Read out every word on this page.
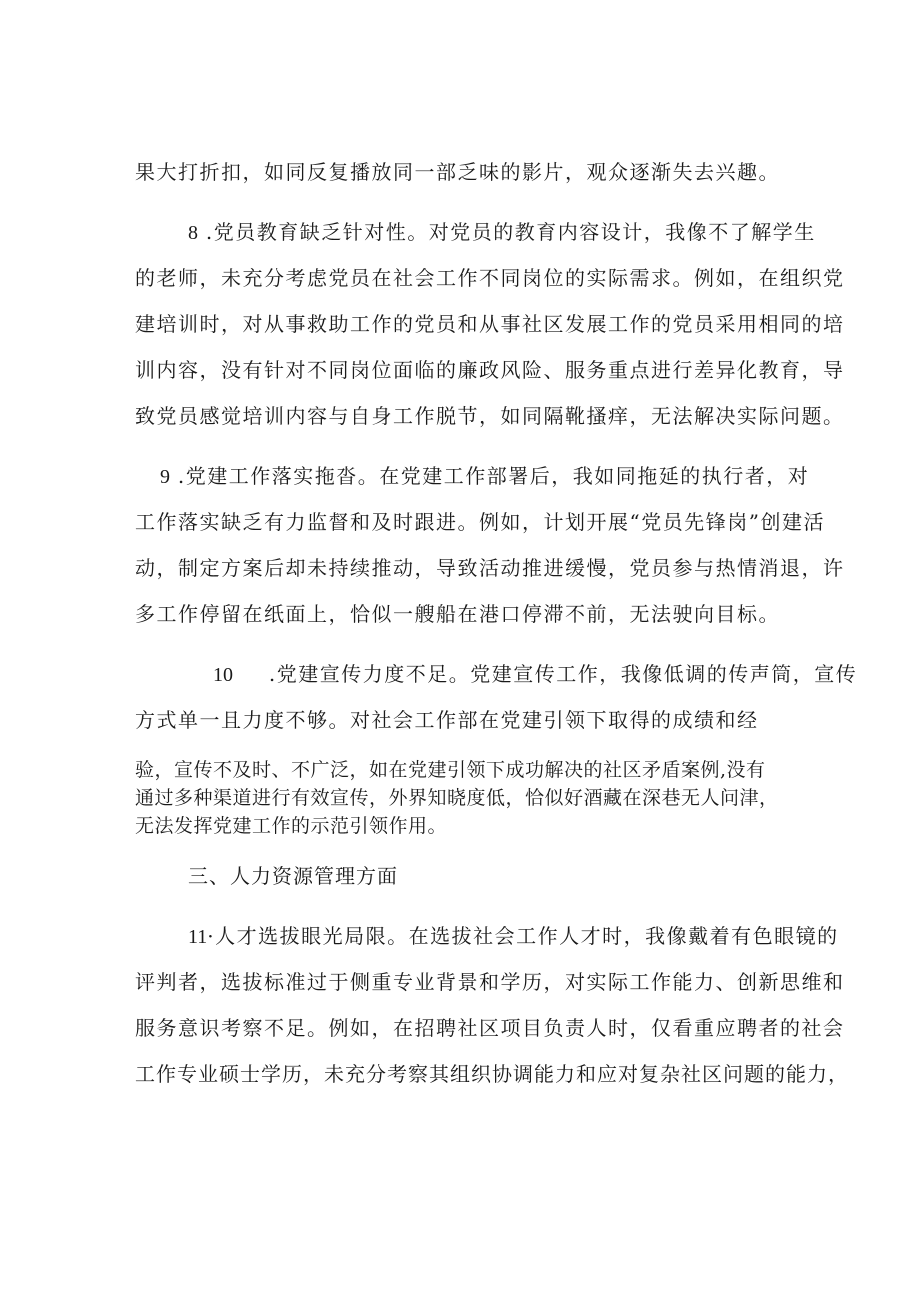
果大打折扣，如同反复播放同一部乏味的影片，观众逐渐失去兴趣。
8 .党员教育缺乏针对性。对党员的教育内容设计，我像不了解学生
的老师，未充分考虑党员在社会工作不同岗位的实际需求。例如，在组织党
建培训时，对从事救助工作的党员和从事社区发展工作的党员采用相同的培
训内容，没有针对不同岗位面临的廉政风险、服务重点进行差异化教育，导
致党员感觉培训内容与自身工作脱节，如同隔靴搔痒，无法解决实际问题。
9 .党建工作落实拖沓。在党建工作部署后，我如同拖延的执行者，对
工作落实缺乏有力监督和及时跟进。例如，计划开展“党员先锋岗”创建活
动，制定方案后却未持续推动，导致活动推进缓慢，党员参与热情消退，许
多工作停留在纸面上，恰似一艘船在港口停滞不前，无法驶向目标。
10 .党建宣传力度不足。党建宣传工作，我像低调的传声筒，宣传
方式单一且力度不够。对社会工作部在党建引领下取得的成绩和经
验，宣传不及时、不广泛，如在党建引领下成功解决的社区矛盾案例,没有
通过多种渠道进行有效宣传，外界知晓度低，恰似好酒藏在深巷无人问津，
无法发挥党建工作的示范引领作用。
三、人力资源管理方面
11·人才选拔眼光局限。在选拔社会工作人才时，我像戴着有色眼镜的
评判者，选拔标准过于侧重专业背景和学历，对实际工作能力、创新思维和
服务意识考察不足。例如，在招聘社区项目负责人时，仅看重应聘者的社会
工作专业硕士学历，未充分考察其组织协调能力和应对复杂社区问题的能力，
